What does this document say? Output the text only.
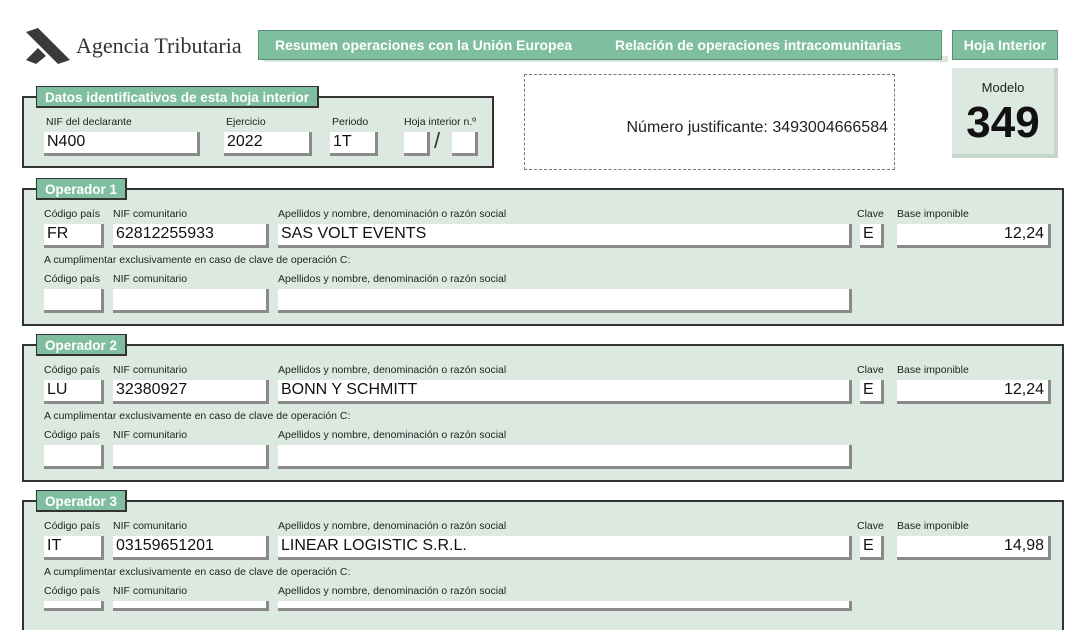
Agencia Tributaria Resumen operaciones con la Unión Europea	Relación de operaciones intracomunitarias	Hoja Interior
Modelo
349
Datos identificativos de esta hoja interior
NIF del declarante
N400
Ejercicio
2022
Periodo
1T
Hoja interior n.º
/
Número justificante: 3493004666584
Operador 1
Código país NIF comunitario	Apellidos y nombre, denominación o razón social	Clave Base imponible
FR	62812255933	SAS VOLT EVENTS	E	12,24
A cumplimentar exclusivamente en caso de clave de operación C:
Código país NIF comunitario	Apellidos y nombre, denominación o razón social
Operador 2
Código país NIF comunitario	Apellidos y nombre, denominación o razón social	Clave Base imponible
LU	32380927	BONN Y SCHMITT	E	12,24
A cumplimentar exclusivamente en caso de clave de operación C:
Código país NIF comunitario	Apellidos y nombre, denominación o razón social
Operador 3
Código país NIF comunitario	Apellidos y nombre, denominación o razón social	Clave Base imponible
IT	03159651201	LINEAR LOGISTIC S.R.L.	E	14,98
A cumplimentar exclusivamente en caso de clave de operación C:
Código país NIF comunitario	Apellidos y nombre, denominación o razón social
